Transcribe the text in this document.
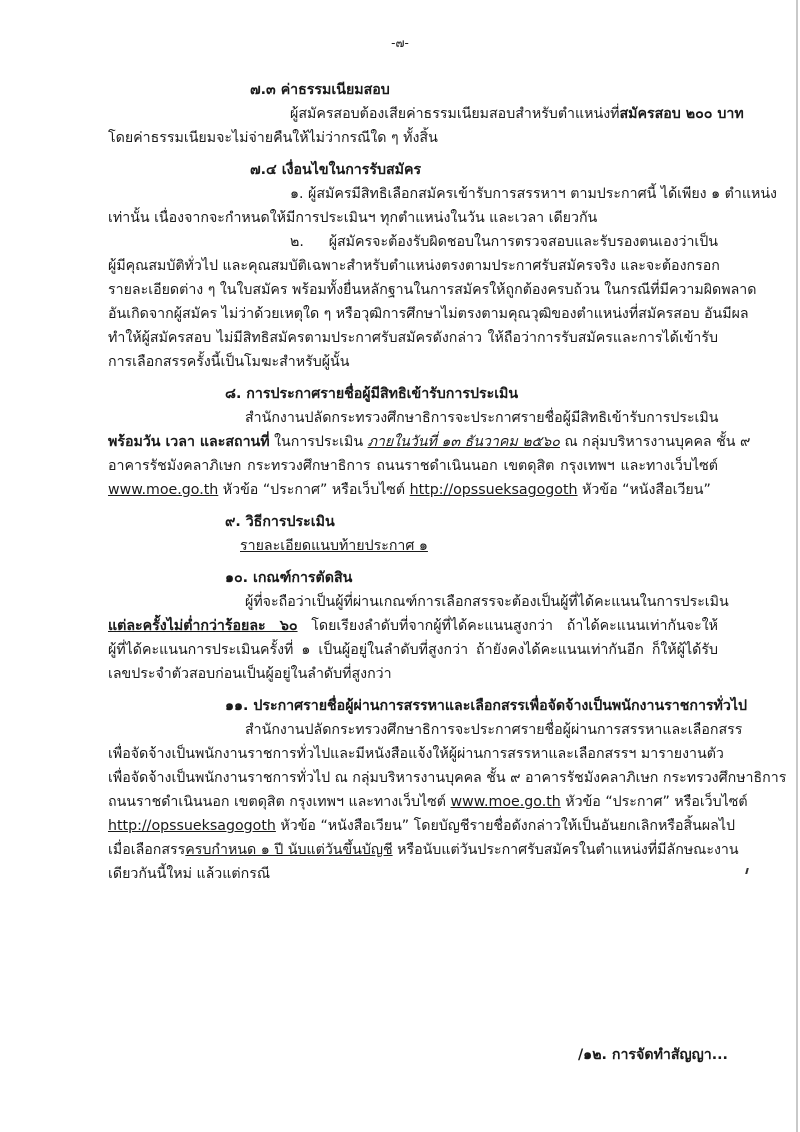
-๗-
๗.๓ ค่าธรรมเนียมสอบ
ผู้สมัครสอบต้องเสียค่าธรรมเนียมสอบสำหรับตำแหน่งที่สมัครสอบ ๒๐๐ บาท
โดยค่าธรรมเนียมจะไม่จ่ายคืนให้ไม่ว่ากรณีใด ๆ ทั้งสิ้น
๗.๔ เงื่อนไขในการรับสมัคร
๑. ผู้สมัครมีสิทธิเลือกสมัครเข้ารับการสรรหาฯ ตามประกาศนี้ ได้เพียง ๑ ตำแหน่ง
เท่านั้น เนื่องจากจะกำหนดให้มีการประเมินฯ ทุกตำแหน่งในวัน และเวลา เดียวกัน
๒. ผู้สมัครจะต้องรับผิดชอบในการตรวจสอบและรับรองตนเองว่าเป็น
ผู้มีคุณสมบัติทั่วไป และคุณสมบัติเฉพาะสำหรับตำแหน่งตรงตามประกาศรับสมัครจริง และจะต้องกรอก
รายละเอียดต่าง ๆ ในใบสมัคร พร้อมทั้งยื่นหลักฐานในการสมัครให้ถูกต้องครบถ้วน ในกรณีที่มีความผิดพลาด
อันเกิดจากผู้สมัคร ไม่ว่าด้วยเหตุใด ๆ หรือวุฒิการศึกษาไม่ตรงตามคุณวุฒิของตำแหน่งที่สมัครสอบ อันมีผล
ทำให้ผู้สมัครสอบ ไม่มีสิทธิสมัครตามประกาศรับสมัครดังกล่าว ให้ถือว่าการรับสมัครและการได้เข้ารับ
การเลือกสรรครั้งนี้เป็นโมฆะสำหรับผู้นั้น
๘. การประกาศรายชื่อผู้มีสิทธิเข้ารับการประเมิน
สำนักงานปลัดกระทรวงศึกษาธิการจะประกาศรายชื่อผู้มีสิทธิเข้ารับการประเมิน
พร้อมวัน เวลา และสถานที่ ในการประเมิน ภายในวันที่ ๑๓ ธันวาคม ๒๕๖๐ ณ กลุ่มบริหารงานบุคคล ชั้น ๙
อาคารรัชมังคลาภิเษก กระทรวงศึกษาธิการ ถนนราชดำเนินนอก เขตดุสิต กรุงเทพฯ และทางเว็บไซต์
www.moe.go.th หัวข้อ “ประกาศ” หรือเว็บไซต์ http://opssueksagogoth หัวข้อ “หนังสือเวียน”
๙. วิธีการประเมิน
รายละเอียดแนบท้ายประกาศ ๑
๑๐. เกณฑ์การตัดสิน
ผู้ที่จะถือว่าเป็นผู้ที่ผ่านเกณฑ์การเลือกสรรจะต้องเป็นผู้ที่ได้คะแนนในการประเมิน
แต่ละครั้งไม่ต่ำกว่าร้อยละ ๖๐ โดยเรียงลำดับที่จากผู้ที่ได้คะแนนสูงกว่า ถ้าได้คะแนนเท่ากันจะให้
ผู้ที่ได้คะแนนการประเมินครั้งที่ ๑ เป็นผู้อยู่ในลำดับที่สูงกว่า ถ้ายังคงได้คะแนนเท่ากันอีก ก็ให้ผู้ได้รับ
เลขประจำตัวสอบก่อนเป็นผู้อยู่ในลำดับที่สูงกว่า
๑๑. ประกาศรายชื่อผู้ผ่านการสรรหาและเลือกสรรเพื่อจัดจ้างเป็นพนักงานราชการทั่วไป
สำนักงานปลัดกระทรวงศึกษาธิการจะประกาศรายชื่อผู้ผ่านการสรรหาและเลือกสรร
เพื่อจัดจ้างเป็นพนักงานราชการทั่วไปและมีหนังสือแจ้งให้ผู้ผ่านการสรรหาและเลือกสรรฯ มารายงานตัว
เพื่อจัดจ้างเป็นพนักงานราชการทั่วไป ณ กลุ่มบริหารงานบุคคล ชั้น ๙ อาคารรัชมังคลาภิเษก กระทรวงศึกษาธิการ
ถนนราชดำเนินนอก เขตดุสิต กรุงเทพฯ และทางเว็บไซต์ www.moe.go.th หัวข้อ “ประกาศ” หรือเว็บไซต์
http://opssueksagogoth หัวข้อ “หนังสือเวียน” โดยบัญชีรายชื่อดังกล่าวให้เป็นอันยกเลิกหรือสิ้นผลไป
เมื่อเลือกสรรครบกำหนด ๑ ปี นับแต่วันขึ้นบัญชี หรือนับแต่วันประกาศรับสมัครในตำแหน่งที่มีลักษณะงาน
เดียวกันนี้ใหม่ แล้วแต่กรณี
/๑๒. การจัดทำสัญญา...
